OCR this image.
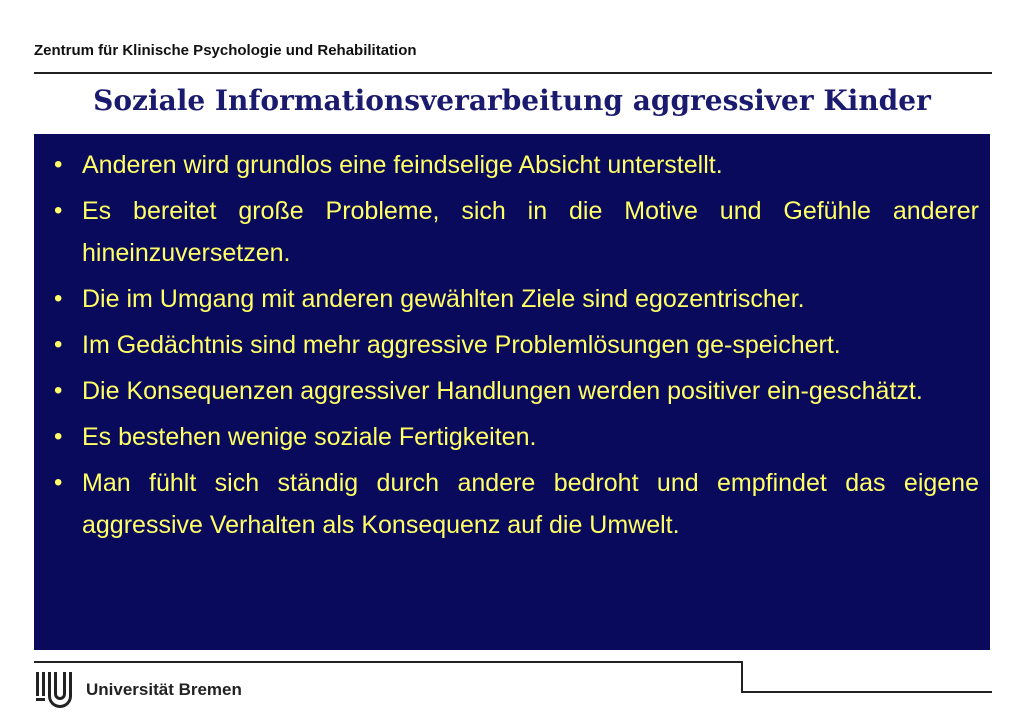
Zentrum für Klinische Psychologie und Rehabilitation
Soziale Informationsverarbeitung aggressiver Kinder
• Anderen wird grundlos eine feindselige Absicht unterstellt.
• Es bereitet große Probleme, sich in die Motive und Gefühle anderer hineinzuversetzen.
• Die im Umgang mit anderen gewählten Ziele sind egozentrischer.
• Im Gedächtnis sind mehr aggressive Problemlösungen ge-speichert.
• Die Konsequenzen aggressiver Handlungen werden positiver ein-geschätzt.
• Es bestehen wenige soziale Fertigkeiten.
• Man fühlt sich ständig durch andere bedroht und empfindet das eigene aggressive Verhalten als Konsequenz auf die Umwelt.
Universität Bremen
